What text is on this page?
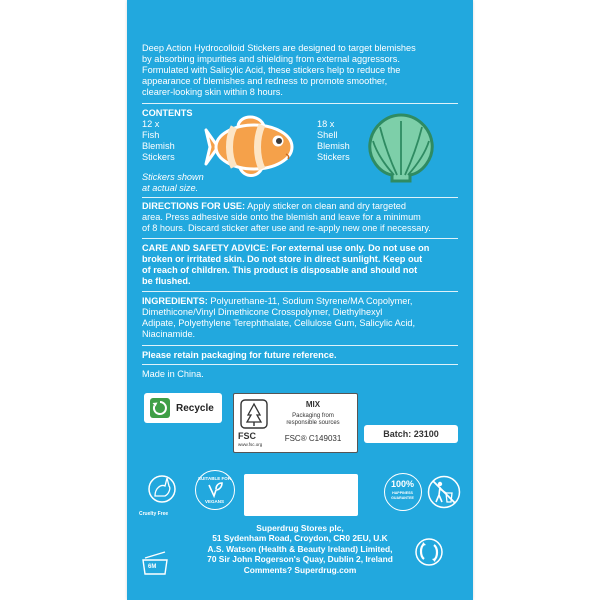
Deep Action Hydrocolloid Stickers are designed to target blemishes
by absorbing impurities and shielding from external aggressors.
Formulated with Salicylic Acid, these stickers help to reduce the
appearance of blemishes and redness to promote smoother,
clearer-looking skin within 8 hours.
CONTENTS
12 x
Fish
Blemish
Stickers
18 x
Shell
Blemish
Stickers
Stickers shown
at actual size.
DIRECTIONS FOR USE: Apply sticker on clean and dry targeted
area. Press adhesive side onto the blemish and leave for a minimum
of 8 hours. Discard sticker after use and re-apply new one if necessary.
CARE AND SAFETY ADVICE: For external use only. Do not use on
broken or irritated skin. Do not store in direct sunlight. Keep out
of reach of children. This product is disposable and should not
be flushed.
INGREDIENTS: Polyurethane-11, Sodium Styrene/MA Copolymer,
Dimethicone/Vinyl Dimethicone Crosspolymer, Diethylhexyl
Adipate, Polyethylene Terephthalate, Cellulose Gum, Salicylic Acid,
Niacinamide.
Please retain packaging for future reference.
Made in China.
Recycle
FSC
www.fsc.org
MIX
Packaging from
responsible sources
FSC® C149031	Batch: 23100
Cruelty Free
SUITABLE FOR
VEGANS
100%
HAPPINESS
GUARANTEE
Superdrug Stores plc,
51 Sydenham Road, Croydon, CR0 2EU, U.K
A.S. Watson (Health & Beauty Ireland) Limited,
70 Sir John Rogerson's Quay, Dublin 2, Ireland
Comments? Superdrug.com
6M
